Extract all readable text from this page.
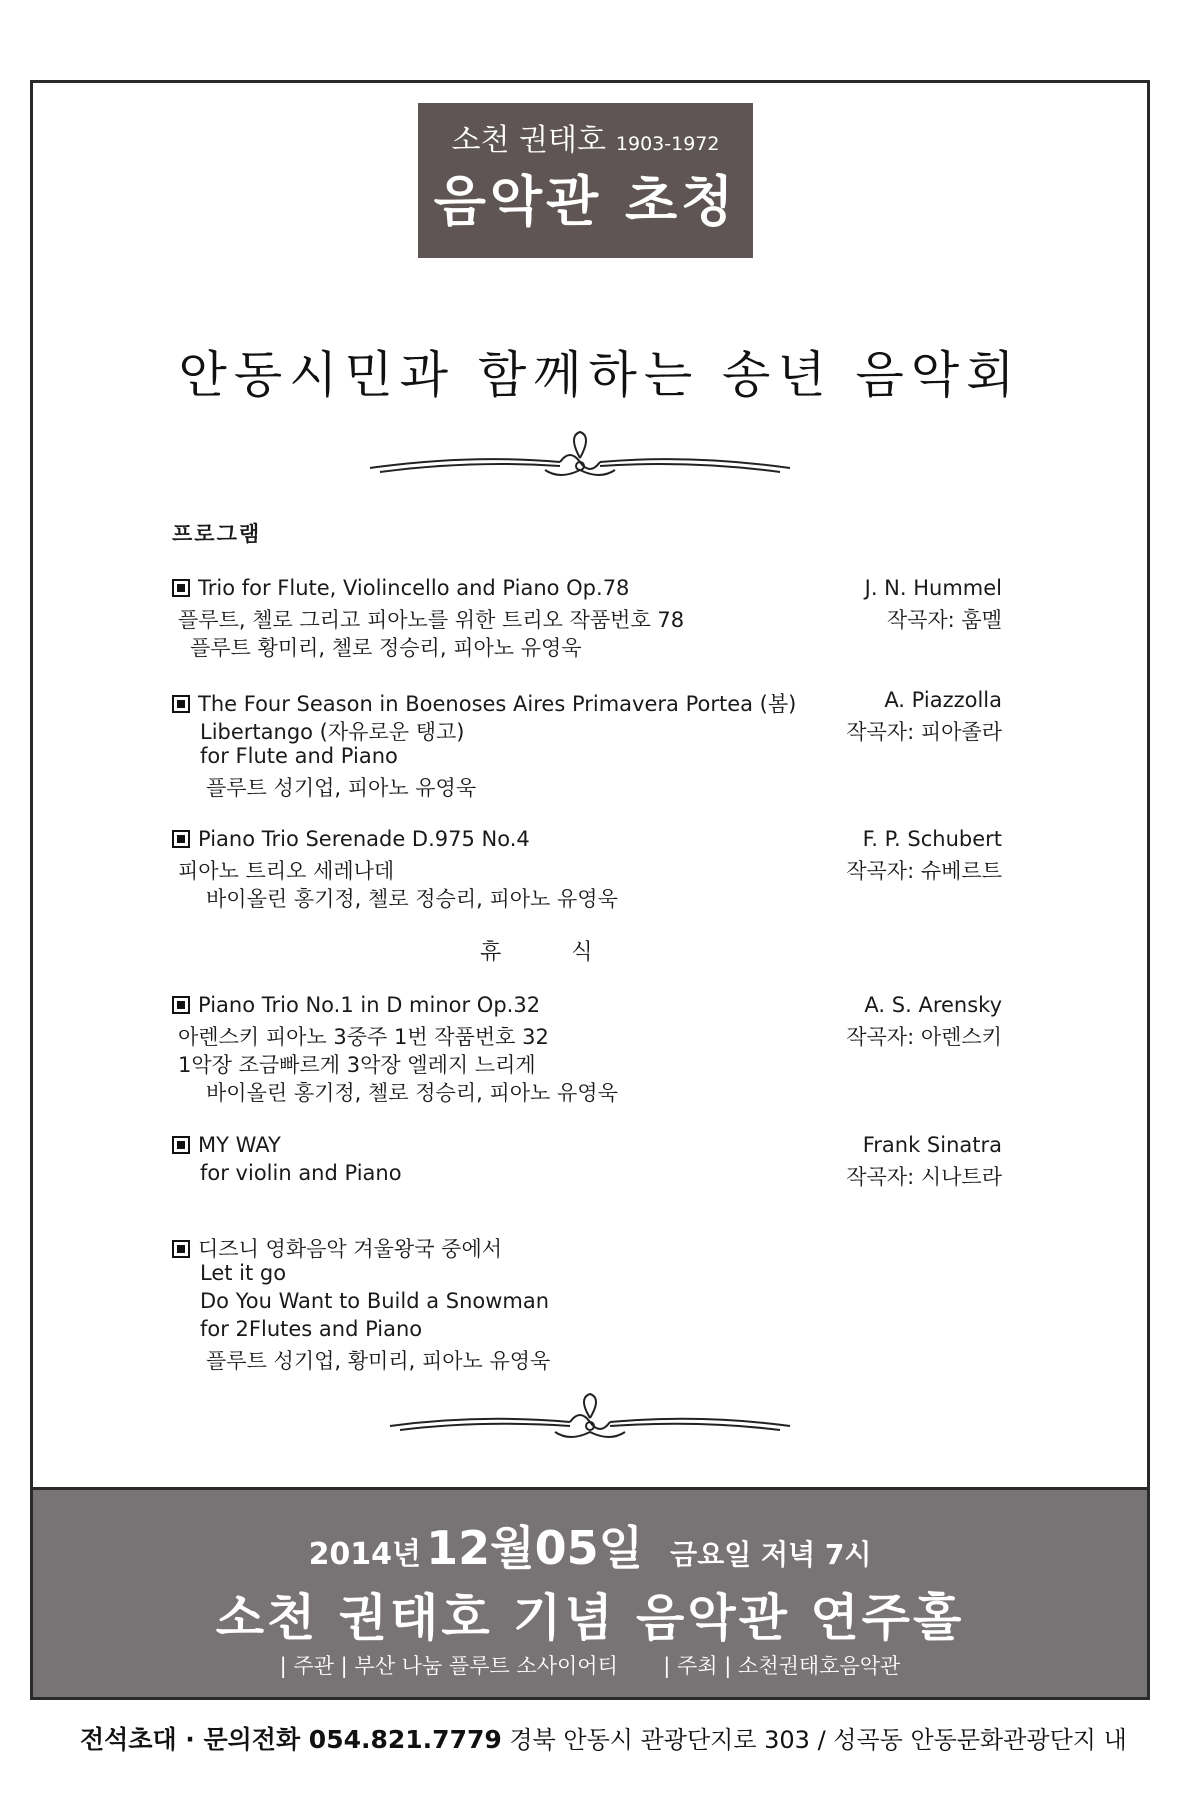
소천 권태호 1903-1972
음악관 초청
안동시민과 함께하는 송년 음악회
프로그램
Trio for Flute, Violincello and Piano Op.78	J. N. Hummel
플루트, 첼로 그리고 피아노를 위한 트리오 작품번호 78	작곡자: 훔멜
플루트 황미리, 첼로 정승리, 피아노 유영욱
The Four Season in Boenoses Aires Primavera Portea (봄)	A. Piazzolla
Libertango (자유로운 탱고)	작곡자: 피아졸라
for Flute and Piano
플루트 성기업, 피아노 유영욱
Piano Trio Serenade D.975 No.4	F. P. Schubert
피아노 트리오 세레나데	작곡자: 슈베르트
바이올린 홍기정, 첼로 정승리, 피아노 유영욱
휴	식
Piano Trio No.1 in D minor Op.32	A. S. Arensky
아렌스키 피아노 3중주 1번 작품번호 32	작곡자: 아렌스키
1악장 조금빠르게 3악장 엘레지 느리게
바이올린 홍기정, 첼로 정승리, 피아노 유영욱
MY WAY	Frank Sinatra
for violin and Piano	작곡자: 시나트라
디즈니 영화음악 겨울왕국 중에서
Let it go
Do You Want to Build a Snowman
for 2Flutes and Piano
플루트 성기업, 황미리, 피아노 유영욱
2014년 12월05일 금요일 저녁 7시
소천 권태호 기념 음악관 연주홀
| 주관 | 부산 나눔 플루트 소사이어티 | 주최 | 소천권태호음악관
전석초대 · 문의전화 054.821.7779 경북 안동시 관광단지로 303 / 성곡동 안동문화관광단지 내
